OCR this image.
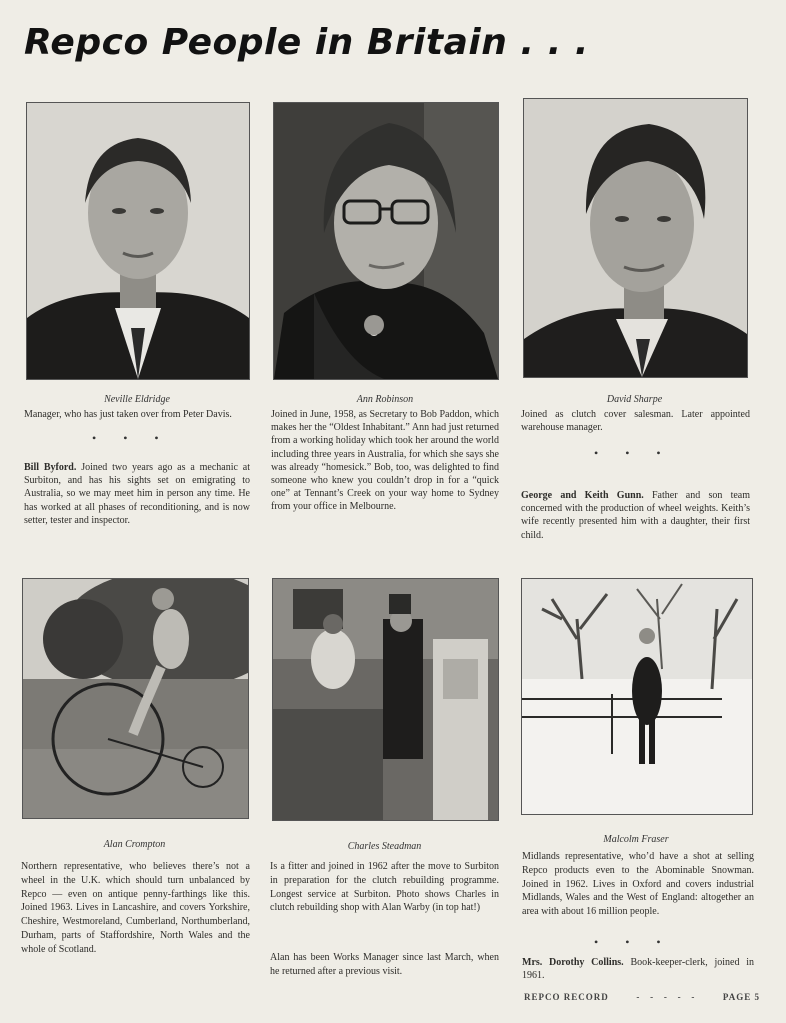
Repco People in Britain . . .
Neville Eldridge
Manager, who has just taken over from Peter Davis.
•         •         •
Bill Byford. Joined two years ago as a mechanic at Surbiton, and has his sights set on emigrating to Australia, so we may meet him in person any time. He has worked at all phases of reconditioning, and is now setter, tester and inspector.
Ann Robinson
Joined in June, 1958, as Secretary to Bob Paddon, which makes her the “Oldest Inhabitant.” Ann had just returned from a working holiday which took her around the world including three years in Australia, for which she says she was already “homesick.” Bob, too, was delighted to find someone who knew you couldn’t drop in for a “quick one” at Tennant’s Creek on your way home to Sydney from your office in Melbourne.
David Sharpe
Joined as clutch cover salesman. Later appointed warehouse manager.
•         •         •
George and Keith Gunn. Father and son team concerned with the production of wheel weights. Keith’s wife recently presented him with a daughter, their first child.
Alan Crompton
Northern representative, who believes there’s not a wheel in the U.K. which should turn unbalanced by Repco — even on antique penny-farthings like this. Joined 1963. Lives in Lancashire, and covers Yorkshire, Cheshire, Westmoreland, Cumberland, Northumberland, Durham, parts of Staffordshire, North Wales and the whole of Scotland.
Charles Steadman
Is a fitter and joined in 1962 after the move to Surbiton in preparation for the clutch rebuilding programme. Longest service at Surbiton. Photo shows Charles in clutch rebuilding shop with Alan Warby (in top hat!)
Alan has been Works Manager since last March, when he returned after a previous visit.
Malcolm Fraser
Midlands representative, who’d have a shot at selling Repco products even to the Abominable Snowman. Joined in 1962. Lives in Oxford and covers industrial Midlands, Wales and the West of England: altogether an area with about 16 million people.
•         •         •
Mrs. Dorothy Collins. Book-keeper-clerk, joined in 1961.
REPCO RECORD	-   -   -   -   -	PAGE 5
